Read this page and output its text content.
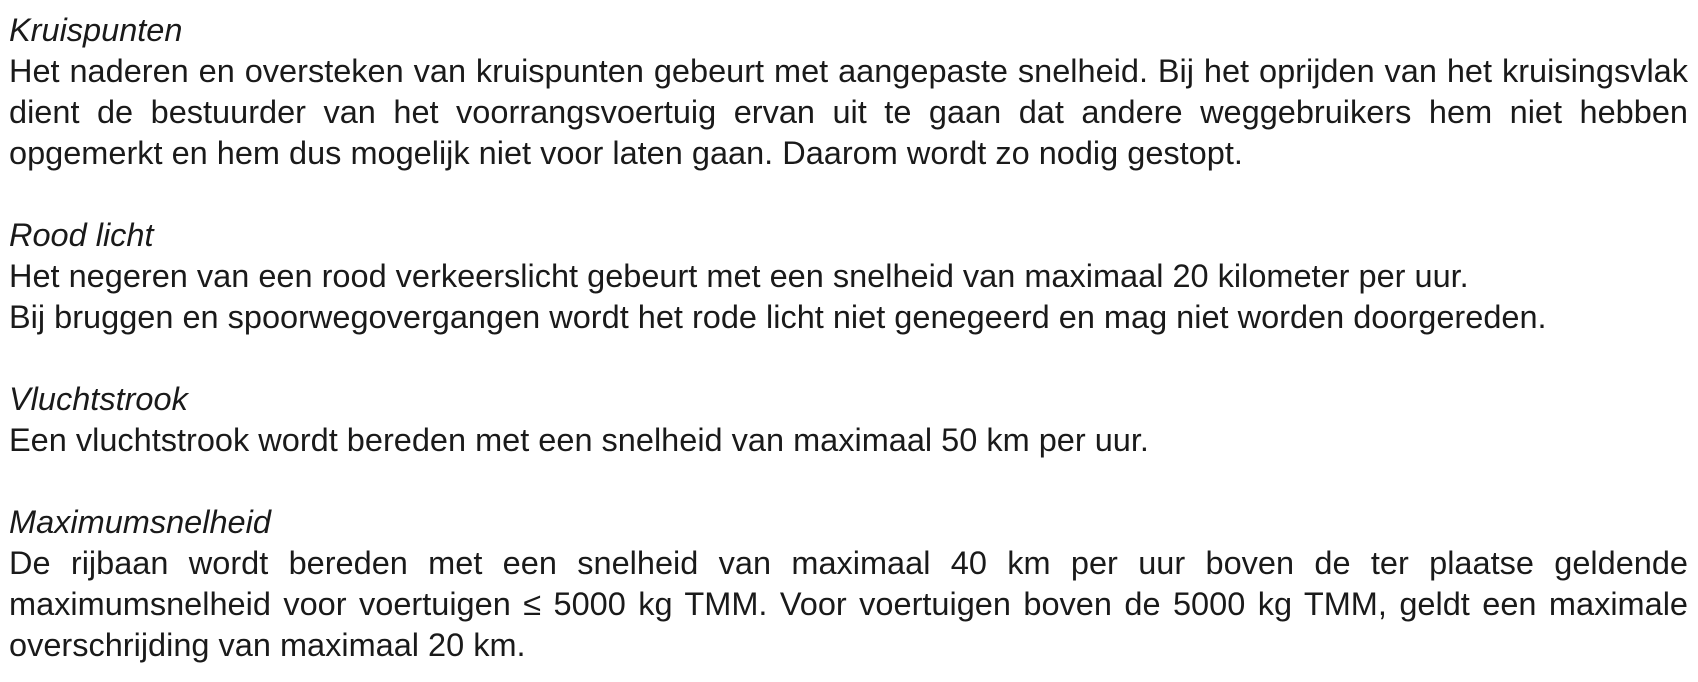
Kruispunten

Het naderen en oversteken van kruispunten gebeurt met aangepaste snelheid. Bij het oprijden van het kruisingsvlak dient de bestuurder van het voorrangsvoertuig ervan uit te gaan dat andere weggebruikers hem niet hebben opgemerkt en hem dus mogelijk niet voor laten gaan. Daarom wordt zo nodig gestopt.

Rood licht

Het negeren van een rood verkeerslicht gebeurt met een snelheid van maximaal 20 kilometer per uur.

Bij bruggen en spoorwegovergangen wordt het rode licht niet genegeerd en mag niet worden doorgereden.

Vluchtstrook

Een vluchtstrook wordt bereden met een snelheid van maximaal 50 km per uur.

Maximumsnelheid

De rijbaan wordt bereden met een snelheid van maximaal 40 km per uur boven de ter plaatse geldende maximumsnelheid voor voertuigen ≤ 5000 kg TMM. Voor voertuigen boven de 5000 kg TMM, geldt een maximale overschrijding van maximaal 20 km.
